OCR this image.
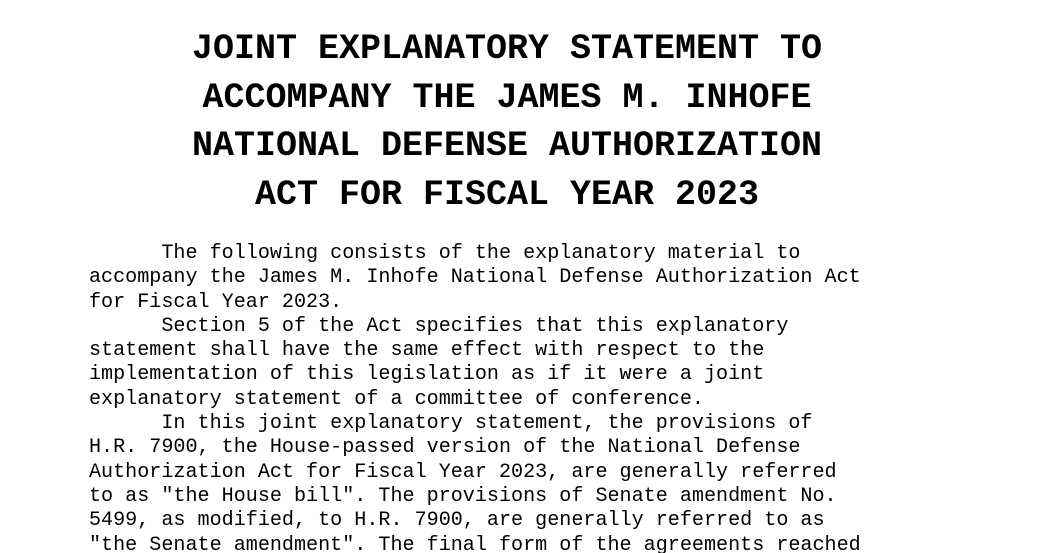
JOINT EXPLANATORY STATEMENT TO
ACCOMPANY THE JAMES M. INHOFE
NATIONAL DEFENSE AUTHORIZATION
ACT FOR FISCAL YEAR 2023
The following consists of the explanatory material to
accompany the James M. Inhofe National Defense Authorization Act
for Fiscal Year 2023.
Section 5 of the Act specifies that this explanatory
statement shall have the same effect with respect to the
implementation of this legislation as if it were a joint
explanatory statement of a committee of conference.
In this joint explanatory statement, the provisions of
H.R. 7900, the House-passed version of the National Defense
Authorization Act for Fiscal Year 2023, are generally referred
to as "the House bill". The provisions of Senate amendment No.
5499, as modified, to H.R. 7900, are generally referred to as
"the Senate amendment". The final form of the agreements reached
